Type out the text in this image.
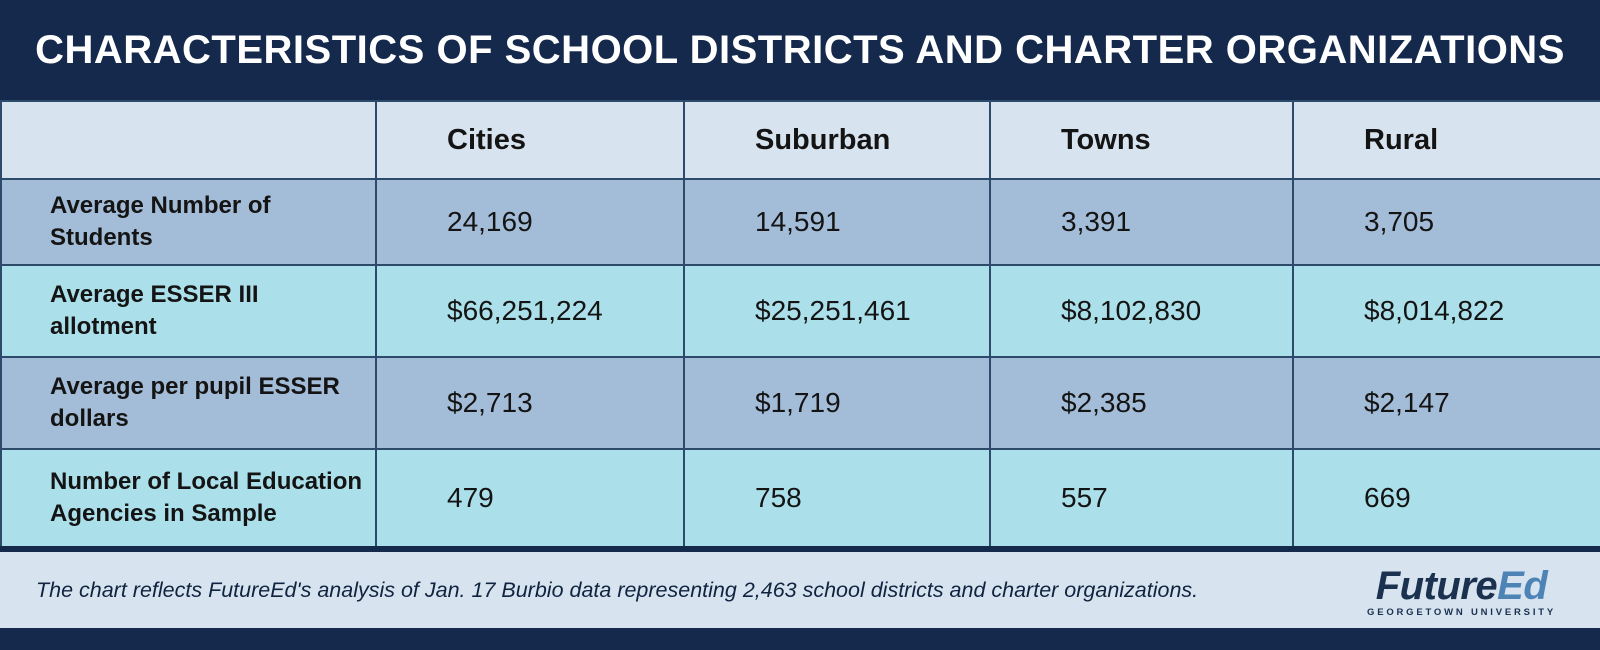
CHARACTERISTICS OF SCHOOL DISTRICTS AND CHARTER ORGANIZATIONS
	Cities	Suburban	Towns	Rural
Average Number of Students	24,169	14,591	3,391	3,705
Average ESSER III allotment	$66,251,224	$25,251,461	$8,102,830	$8,014,822
Average per pupil ESSER dollars	$2,713	$1,719	$2,385	$2,147
Number of Local Education Agencies in Sample	479	758	557	669

The chart reflects FutureEd's analysis of Jan. 17 Burbio data representing 2,463 school districts and charter organizations.	FutureEd
GEORGETOWN UNIVERSITY
